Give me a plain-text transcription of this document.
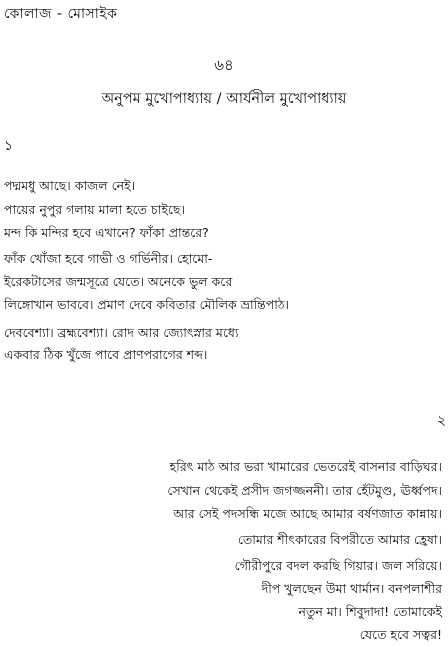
কোলাজ - মোসাইক
৬৪
অনুপম মুখোপাধ্যায় / আর্যনীল মুখোপাধ্যায়
১
পদ্মমধু আছে। কাজল নেই।
পায়ের নুপুর গলায় মালা হতে চাইছে।
মন্দ কি মন্দির হবে এখানে? ফাঁকা প্রান্তরে?
ফাঁক খোঁজা হবে গাভী ও গর্ভিনীর। হোমো-
ইরেকটাসের জন্মসূত্রে যেতে। অনেকে ভুল করে
লিঙ্গোখান ভাববে। প্রমাণ দেবে কবিতার মৌলিক ভ্রান্তিপাঠ।
দেববেশ্যা। ব্রহ্মবেশ্যা। রোদ আর জ্যোৎস্নার মধ্যে
একবার ঠিক খুঁজে পাবে প্রাণপরাগের শব্দ।
২
হরিৎ মাঠ আর ভরা খামারের ভেতরেই বাসনার বাড়িঘর।
সেখান থেকেই প্রসীদ জগজ্জননী। তার হেঁটমুণ্ড, ঊর্ধ্বপদ।
আর সেই পদসন্ধি মজে আছে আমার বর্ষণজাত কান্নায়।
তোমার শীৎকারের বিপরীতে আমার হ্রেষা।
গৌরীপুরে বদল করছি গিয়ার। জল সরিয়ে।
দীপ খুলছেন উমা থার্মান। বনপলাশীর
নতুন মা। শিবুদাদা! তোমাকেই
যেতে হবে সত্বর!
